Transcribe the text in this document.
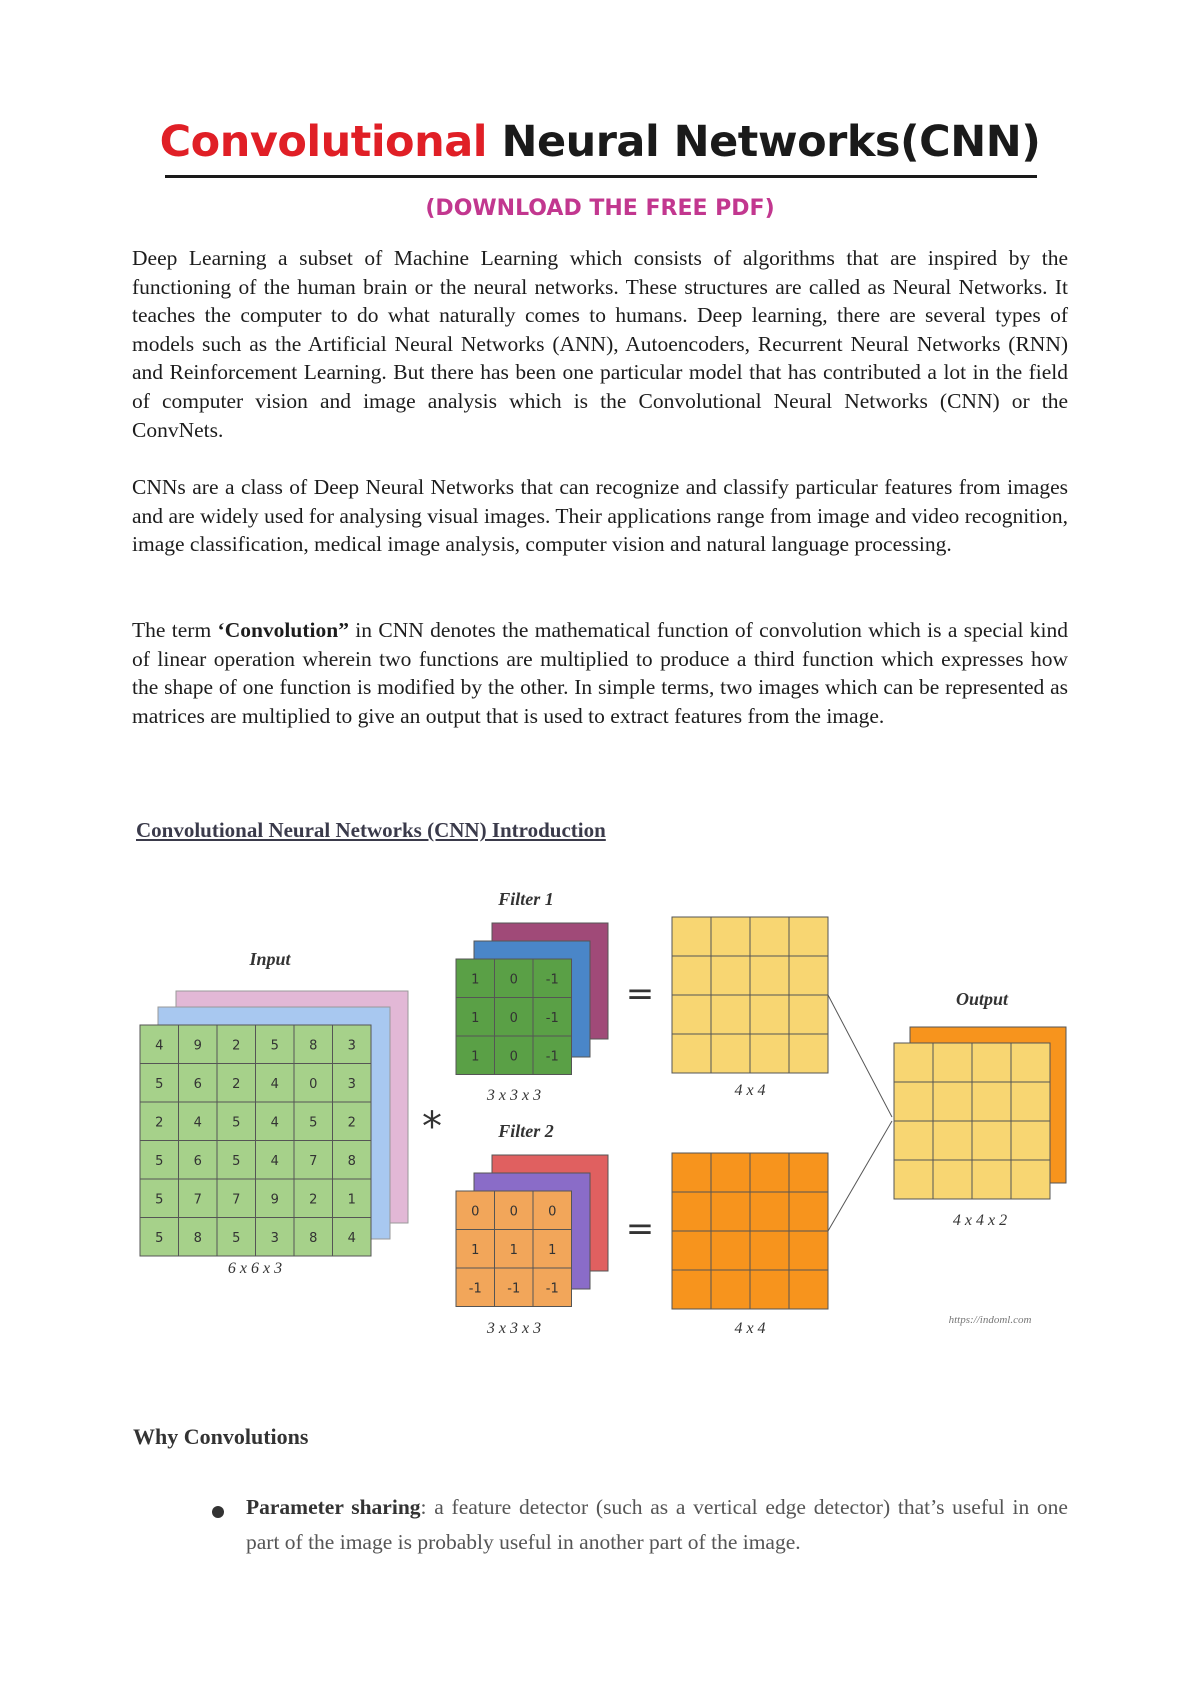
Convolutional Neural Networks(CNN)
(DOWNLOAD THE FREE PDF)
Deep Learning a subset of Machine Learning which consists of algorithms that are inspired by the functioning of the human brain or the neural networks. These structures are called as Neural Networks. It teaches the computer to do what naturally comes to humans. Deep learning, there are several types of models such as the Artificial Neural Networks (ANN), Autoencoders, Recurrent Neural Networks (RNN) and Reinforcement Learning. But there has been one particular model that has contributed a lot in the field of computer vision and image analysis which is the Convolutional Neural Networks (CNN) or the ConvNets.
CNNs are a class of Deep Neural Networks that can recognize and classify particular features from images and are widely used for analysing visual images. Their applications range from image and video recognition, image classification, medical image analysis, computer vision and natural language processing.
The term ‘Convolution” in CNN denotes the mathematical function of convolution which is a special kind of linear operation wherein two functions are multiplied to produce a third function which expresses how the shape of one function is modified by the other. In simple terms, two images which can be represented as matrices are multiplied to give an output that is used to extract features from the image.
Convolutional Neural Networks (CNN) Introduction
4 9 2 5 8 3
5 6 2 4 0 3
2 4 5 4 5 2
5 6 5 4 7 8
5 7 7 9 2 1
5 8 5 3 8 4
Input
6 x 6 x 3
*
Filter 1
1 0 -1
1 0 -1
1 0 -1
3 x 3 x 3
Filter 2
0 0 0
1 1 1
-1 -1 -1
3 x 3 x 3
=
=
4 x 4
4 x 4
Output
4 x 4 x 2
https://indoml.com
Why Convolutions
Parameter sharing: a feature detector (such as a vertical edge detector) that’s useful in one part of the image is probably useful in another part of the image.
